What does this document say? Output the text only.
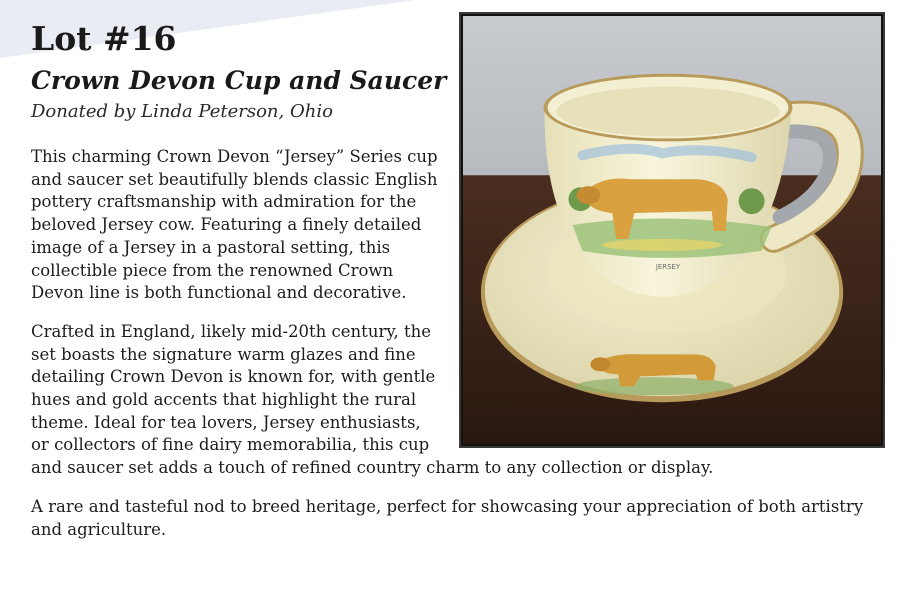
Lot #16
Crown Devon Cup and Saucer

Donated by Linda Peterson, Ohio

JERSEY

This charming Crown Devon “Jersey” Series cup and saucer set beautifully blends classic English pottery craftsmanship with admiration for the beloved Jersey cow. Featuring a finely detailed image of a Jersey in a pastoral setting, this collectible piece from the renowned Crown Devon line is both functional and decorative.

Crafted in England, likely mid-20th century, the set boasts the signature warm glazes and fine detailing Crown Devon is known for, with gentle hues and gold accents that highlight the rural theme. Ideal for tea lovers, Jersey enthusiasts, or collectors of fine dairy memorabilia, this cup and saucer set adds a touch of refined country charm to any collection or display.

A rare and tasteful nod to breed heritage, perfect for showcasing your appreciation of both artistry and agriculture.
